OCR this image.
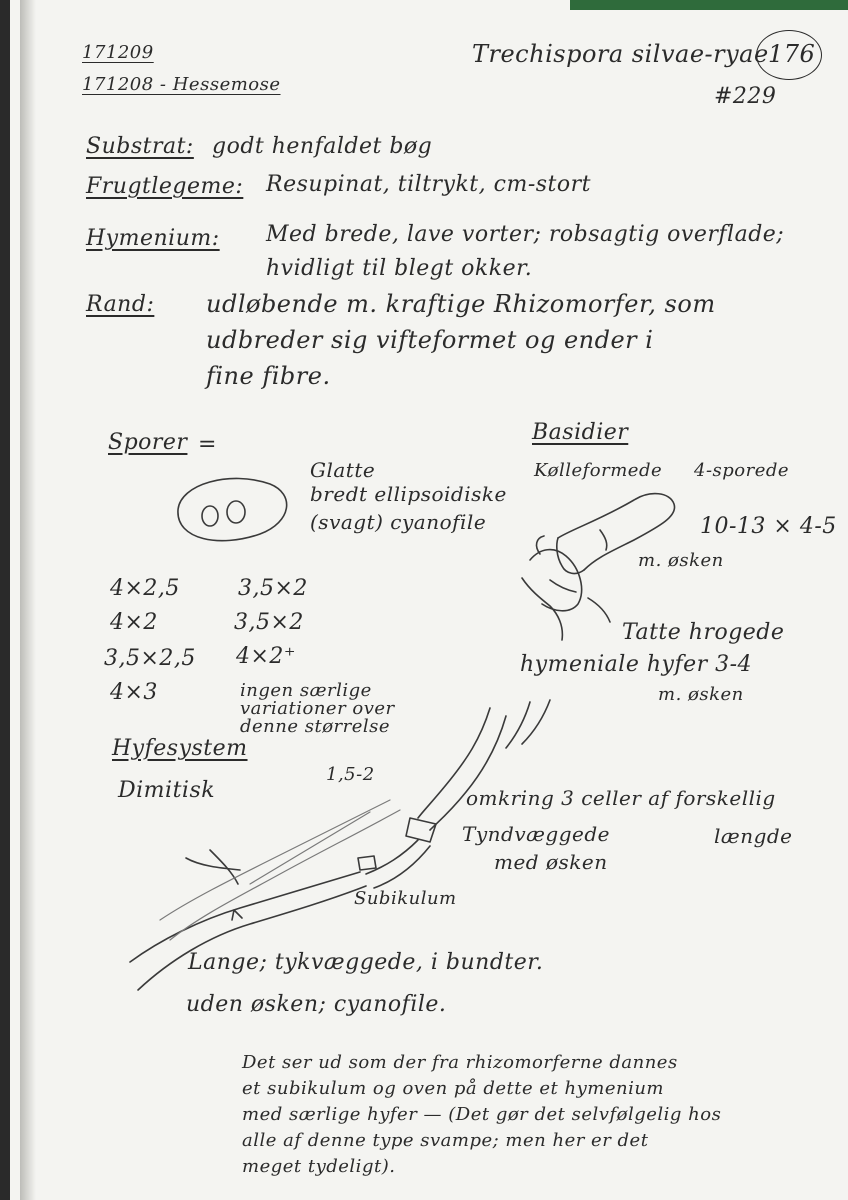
171209
171208 - Hessemose
Trechispora silvae-ryae 176
#229
Substrat: godt henfaldet bøg
Frugtlegeme: Resupinat, tiltrykt, cm-stort
Hymenium: Med brede, lave vorter; robsagtig overflade;
hvidligt til blegt okker.
Rand: udløbende m. kraftige Rhizomorfer, som
udbreder sig vifteformet og ender i
fine fibre.
Sporer =
Glatte
bredt ellipsoidiske
(svagt) cyanofile
4×2,5
4×2
3,5×2,5
4×3
3,5×2
3,5×2
4×2⁺
ingen særlige
variationer over
denne størrelse
Basidier
Kølleformede 4-sporede
10-13 × 4-5
m. øsken
Tatte hrogede
hymeniale hyfer 3-4
m. øsken
Hyfesystem
Dimitisk
1,5-2
omkring 3 celler af forskellig
længde
Tyndvæggede
med øsken
Subikulum
Lange; tykvæggede, i bundter.
uden øsken; cyanofile.
Det ser ud som der fra rhizomorferne dannes
et subikulum og oven på dette et hymenium
med særlige hyfer — (Det gør det selvfølgelig hos
alle af denne type svampe; men her er det
meget tydeligt).
